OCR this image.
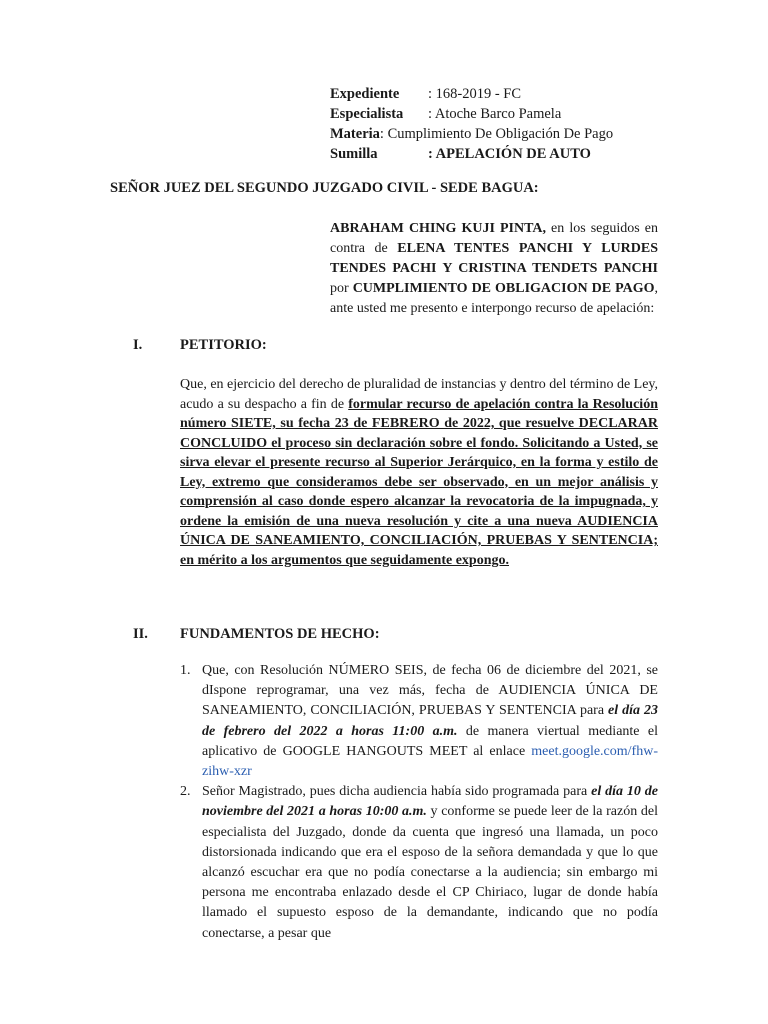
Expediente : 168-2019 - FC
Especialista : Atoche Barco Pamela
Materia: Cumplimiento De Obligación De Pago
Sumilla	: APELACIÓN DE AUTO
SEÑOR JUEZ DEL SEGUNDO JUZGADO CIVIL - SEDE BAGUA:
ABRAHAM CHING KUJI PINTA, en los seguidos en contra de ELENA TENTES PANCHI Y LURDES TENDES PACHI Y CRISTINA TENDETS PANCHI por CUMPLIMIENTO DE OBLIGACION DE PAGO, ante usted me presento e interpongo recurso de apelación:
I.	PETITORIO:
Que, en ejercicio del derecho de pluralidad de instancias y dentro del término de Ley, acudo a su despacho a fin de formular recurso de apelación contra la Resolución número SIETE, su fecha 23 de FEBRERO de 2022, que resuelve DECLARAR CONCLUIDO el proceso sin declaración sobre el fondo. Solicitando a Usted, se sirva elevar el presente recurso al Superior Jerárquico, en la forma y estilo de Ley, extremo que consideramos debe ser observado, en un mejor análisis y comprensión al caso donde espero alcanzar la revocatoria de la impugnada, y ordene la emisión de una nueva resolución y cite a una nueva AUDIENCIA ÚNICA DE SANEAMIENTO, CONCILIACIÓN, PRUEBAS Y SENTENCIA; en mérito a los argumentos que seguidamente expongo.
II. FUNDAMENTOS DE HECHO:
1. Que, con Resolución NÚMERO SEIS, de fecha 06 de diciembre del 2021, se dIspone reprogramar, una vez más, fecha de AUDIENCIA ÚNICA DE SANEAMIENTO, CONCILIACIÓN, PRUEBAS Y SENTENCIA para el día 23 de febrero del 2022 a horas 11:00 a.m. de manera viertual mediante el aplicativo de GOOGLE HANGOUTS MEET al enlace meet.google.com/fhw-zihw-xzr
2. Señor Magistrado, pues dicha audiencia había sido programada para el día 10 de noviembre del 2021 a horas 10:00 a.m. y conforme se puede leer de la razón del especialista del Juzgado, donde da cuenta que ingresó una llamada, un poco distorsionada indicando que era el esposo de la señora demandada y que lo que alcanzó escuchar era que no podía conectarse a la audiencia; sin embargo mi persona me encontraba enlazado desde el CP Chiriaco, lugar de donde había llamado el supuesto esposo de la demandante, indicando que no podía conectarse, a pesar que
